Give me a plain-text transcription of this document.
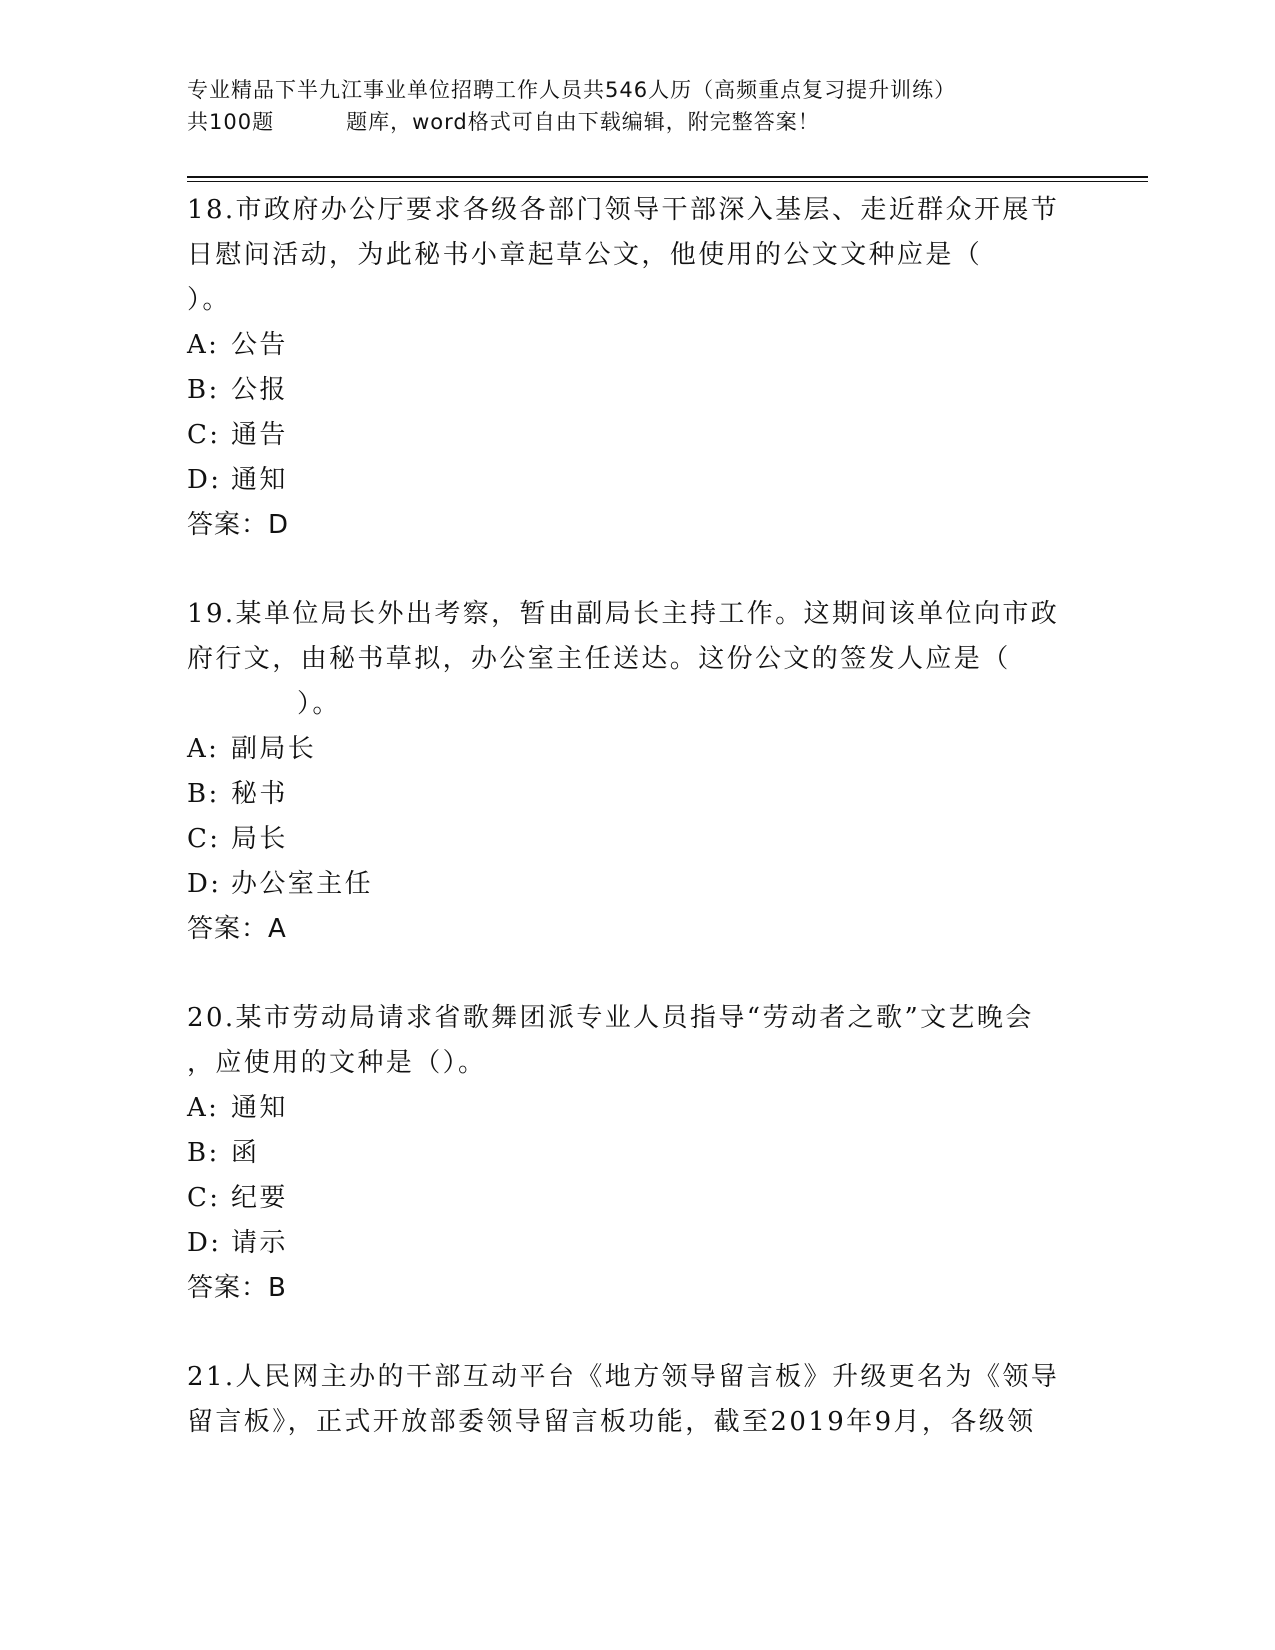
专业精品下半九江事业单位招聘工作人员共546人历（高频重点复习提升训练）
共100题	题库，word格式可自由下载编辑，附完整答案！
18.市政府办公厅要求各级各部门领导干部深入基层、走近群众开展节
日慰问活动，为此秘书小章起草公文，他使用的公文文种应是（
）。
A: 公告
B: 公报
C: 通告
D: 通知
答案：D
19.某单位局长外出考察，暂由副局长主持工作。这期间该单位向市政
府行文，由秘书草拟，办公室主任送达。这份公文的签发人应是（
）。
A: 副局长
B: 秘书
C: 局长
D: 办公室主任
答案：A
20.某市劳动局请求省歌舞团派专业人员指导“劳动者之歌”文艺晚会
，应使用的文种是（）。
A: 通知
B: 函
C: 纪要
D: 请示
答案：B
21.人民网主办的干部互动平台《地方领导留言板》升级更名为《领导
留言板》，正式开放部委领导留言板功能，截至2019年9月，各级领
